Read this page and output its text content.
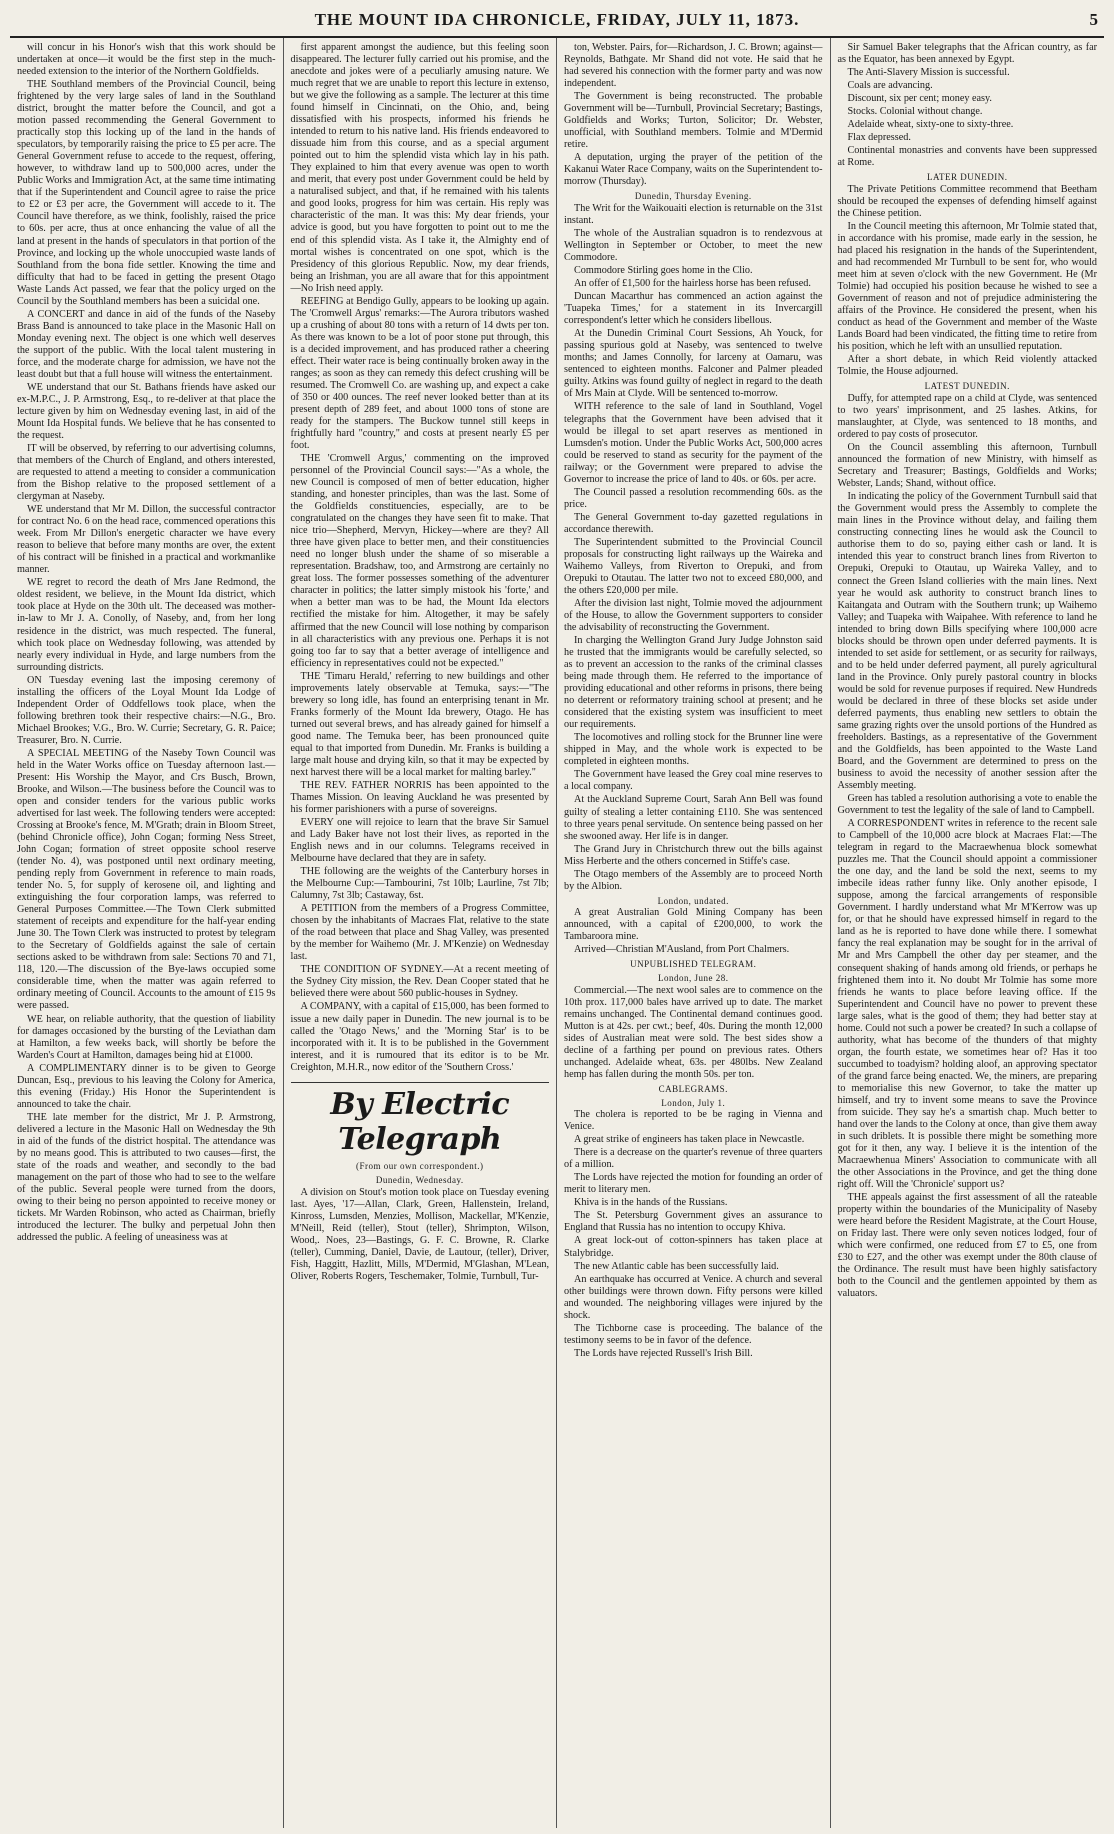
THE MOUNT IDA CHRONICLE, FRIDAY, JULY 11, 1873.	5

will concur in his Honor's wish that this work should be undertaken at once—it would be the first step in the much-needed extension to the interior of the Northern Goldfields.

THE Southland members of the Provincial Council, being frightened by the very large sales of land in the Southland district, brought the matter before the Council, and got a motion passed recommending the General Government to practically stop this locking up of the land in the hands of speculators, by temporarily raising the price to £5 per acre. The General Government refuse to accede to the request, offering, however, to withdraw land up to 500,000 acres, under the Public Works and Immigration Act, at the same time intimating that if the Superintendent and Council agree to raise the price to £2 or £3 per acre, the Government will accede to it. The Council have therefore, as we think, foolishly, raised the price to 60s. per acre, thus at once enhancing the value of all the land at present in the hands of speculators in that portion of the Province, and locking up the whole unoccupied waste lands of Southland from the bona fide settler. Knowing the time and difficulty that had to be faced in getting the present Otago Waste Lands Act passed, we fear that the policy urged on the Council by the Southland members has been a suicidal one.

A CONCERT and dance in aid of the funds of the Naseby Brass Band is announced to take place in the Masonic Hall on Monday evening next. The object is one which well deserves the support of the public. With the local talent mustering in force, and the moderate charge for admission, we have not the least doubt but that a full house will witness the entertainment.

WE understand that our St. Bathans friends have asked our ex-M.P.C., J. P. Armstrong, Esq., to re-deliver at that place the lecture given by him on Wednesday evening last, in aid of the Mount Ida Hospital funds. We believe that he has consented to the request.

IT will be observed, by referring to our advertising columns, that members of the Church of England, and others interested, are requested to attend a meeting to consider a communication from the Bishop relative to the proposed settlement of a clergyman at Naseby.

WE understand that Mr M. Dillon, the successful contractor for contract No. 6 on the head race, commenced operations this week. From Mr Dillon's energetic character we have every reason to believe that before many months are over, the extent of his contract will be finished in a practical and workmanlike manner.

WE regret to record the death of Mrs Jane Redmond, the oldest resident, we believe, in the Mount Ida district, which took place at Hyde on the 30th ult. The deceased was mother-in-law to Mr J. A. Conolly, of Naseby, and, from her long residence in the district, was much respected. The funeral, which took place on Wednesday following, was attended by nearly every individual in Hyde, and large numbers from the surrounding districts.

ON Tuesday evening last the imposing ceremony of installing the officers of the Loyal Mount Ida Lodge of Independent Order of Oddfellows took place, when the following brethren took their respective chairs:—N.G., Bro. Michael Brookes; V.G., Bro. W. Currie; Secretary, G. R. Paice; Treasurer, Bro. N. Currie.

A SPECIAL MEETING of the Naseby Town Council was held in the Water Works office on Tuesday afternoon last.—Present: His Worship the Mayor, and Crs Busch, Brown, Brooke, and Wilson.—The business before the Council was to open and consider tenders for the various public works advertised for last week. The following tenders were accepted: Crossing at Brooke's fence, M. M'Grath; drain in Bloom Street, (behind Chronicle office), John Cogan; forming Ness Street, John Cogan; formation of street opposite school reserve (tender No. 4), was postponed until next ordinary meeting, pending reply from Government in reference to main roads, tender No. 5, for supply of kerosene oil, and lighting and extinguishing the four corporation lamps, was referred to General Purposes Committee.—The Town Clerk submitted statement of receipts and expenditure for the half-year ending June 30. The Town Clerk was instructed to protest by telegram to the Secretary of Goldfields against the sale of certain sections asked to be withdrawn from sale: Sections 70 and 71, 118, 120.—The discussion of the Bye-laws occupied some considerable time, when the matter was again referred to ordinary meeting of Council. Accounts to the amount of £15 9s were passed.

WE hear, on reliable authority, that the question of liability for damages occasioned by the bursting of the Leviathan dam at Hamilton, a few weeks back, will shortly be before the Warden's Court at Hamilton, damages being hid at £1000.

A COMPLIMENTARY dinner is to be given to George Duncan, Esq., previous to his leaving the Colony for America, this evening (Friday.) His Honor the Superintendent is announced to take the chair.

THE late member for the district, Mr J. P. Armstrong, delivered a lecture in the Masonic Hall on Wednesday the 9th in aid of the funds of the district hospital. The attendance was by no means good. This is attributed to two causes—first, the state of the roads and weather, and secondly to the bad management on the part of those who had to see to the welfare of the public. Several people were turned from the doors, owing to their being no person appointed to receive money or tickets. Mr Warden Robinson, who acted as Chairman, briefly introduced the lecturer. The bulky and perpetual John then addressed the public. A feeling of uneasiness was at

first apparent amongst the audience, but this feeling soon disappeared. The lecturer fully carried out his promise, and the anecdote and jokes were of a peculiarly amusing nature. We much regret that we are unable to report this lecture in extenso, but we give the following as a sample. The lecturer at this time found himself in Cincinnati, on the Ohio, and, being dissatisfied with his prospects, informed his friends he intended to return to his native land. His friends endeavored to dissuade him from this course, and as a special argument pointed out to him the splendid vista which lay in his path. They explained to him that every avenue was open to worth and merit, that every post under Government could be held by a naturalised subject, and that, if he remained with his talents and good looks, progress for him was certain. His reply was characteristic of the man. It was this: My dear friends, your advice is good, but you have forgotten to point out to me the end of this splendid vista. As I take it, the Almighty end of mortal wishes is concentrated on one spot, which is the Presidency of this glorious Republic. Now, my dear friends, being an Irishman, you are all aware that for this appointment—No Irish need apply.

REEFING at Bendigo Gully, appears to be looking up again. The 'Cromwell Argus' remarks:—The Aurora tributors washed up a crushing of about 80 tons with a return of 14 dwts per ton. As there was known to be a lot of poor stone put through, this is a decided improvement, and has produced rather a cheering effect. Their water race is being continually broken away in the ranges; as soon as they can remedy this defect crushing will be resumed. The Cromwell Co. are washing up, and expect a cake of 350 or 400 ounces. The reef never looked better than at its present depth of 289 feet, and about 1000 tons of stone are ready for the stampers. The Buckow tunnel still keeps in frightfully hard "country," and costs at present nearly £5 per foot.

THE 'Cromwell Argus,' commenting on the improved personnel of the Provincial Council says:—"As a whole, the new Council is composed of men of better education, higher standing, and honester principles, than was the last. Some of the Goldfields constituencies, especially, are to be congratulated on the changes they have seen fit to make. That nice trio—Shepherd, Mervyn, Hickey—where are they? All three have given place to better men, and their constituencies need no longer blush under the shame of so miserable a representation. Bradshaw, too, and Armstrong are certainly no great loss. The former possesses something of the adventurer character in politics; the latter simply mistook his 'forte,' and when a better man was to be had, the Mount Ida electors rectified the mistake for him. Altogether, it may be safely affirmed that the new Council will lose nothing by comparison in all characteristics with any previous one. Perhaps it is not going too far to say that a better average of intelligence and efficiency in representatives could not be expected."

THE 'Timaru Herald,' referring to new buildings and other improvements lately observable at Temuka, says:—"The brewery so long idle, has found an enterprising tenant in Mr. Franks formerly of the Mount Ida brewery, Otago. He has turned out several brews, and has already gained for himself a good name. The Temuka beer, has been pronounced quite equal to that imported from Dunedin. Mr. Franks is building a large malt house and drying kiln, so that it may be expected by next harvest there will be a local market for malting barley."

THE REV. FATHER NORRIS has been appointed to the Thames Mission. On leaving Auckland he was presented by his former parishioners with a purse of sovereigns.

EVERY one will rejoice to learn that the brave Sir Samuel and Lady Baker have not lost their lives, as reported in the English news and in our columns. Telegrams received in Melbourne have declared that they are in safety.

THE following are the weights of the Canterbury horses in the Melbourne Cup:—Tambourini, 7st 10lb; Laurline, 7st 7lb; Calumny, 7st 3lb; Castaway, 6st.

A PETITION from the members of a Progress Committee, chosen by the inhabitants of Macraes Flat, relative to the state of the road between that place and Shag Valley, was presented by the member for Waihemo (Mr. J. M'Kenzie) on Wednesday last.

THE CONDITION OF SYDNEY.—At a recent meeting of the Sydney City mission, the Rev. Dean Cooper stated that he believed there were about 560 public-houses in Sydney.

A COMPANY, with a capital of £15,000, has been formed to issue a new daily paper in Dunedin. The new journal is to be called the 'Otago News,' and the 'Morning Star' is to be incorporated with it. It is to be published in the Government interest, and it is rumoured that its editor is to be Mr. Creighton, M.H.R., now editor of the 'Southern Cross.'

By Electric Telegraph
(From our own correspondent.)
Dunedin, Wednesday.

A division on Stout's motion took place on Tuesday evening last. Ayes, '17—Allan, Clark, Green, Hallenstein, Ireland, Kinross, Lumsden, Menzies, Mollison, Mackellar, M'Kenzie, M'Neill, Reid (teller), Stout (teller), Shrimpton, Wilson, Wood,. Noes, 23—Bastings, G. F. C. Browne, R. Clarke (teller), Cumming, Daniel, Davie, de Lautour, (teller), Driver, Fish, Haggitt, Hazlitt, Mills, M'Dermid, M'Glashan, M'Lean, Oliver, Roberts Rogers, Teschemaker, Tolmie, Turnbull, Tur-

ton, Webster. Pairs, for—Richardson, J. C. Brown; against—Reynolds, Bathgate. Mr Shand did not vote. He said that he had severed his connection with the former party and was now independent.

The Government is being reconstructed. The probable Government will be—Turnbull, Provincial Secretary; Bastings, Goldfields and Works; Turton, Solicitor; Dr. Webster, unofficial, with Southland members. Tolmie and M'Dermid retire.

A deputation, urging the prayer of the petition of the Kakanui Water Race Company, waits on the Superintendent to-morrow (Thursday).

Dunedin, Thursday Evening.

The Writ for the Waikouaiti election is returnable on the 31st instant.

The whole of the Australian squadron is to rendezvous at Wellington in September or October, to meet the new Commodore.

Commodore Stirling goes home in the Clio.

An offer of £1,500 for the hairless horse has been refused.

Duncan Macarthur has commenced an action against the 'Tuapeka Times,' for a statement in its Invercargill correspondent's letter which he considers libellous.

At the Dunedin Criminal Court Sessions, Ah Youck, for passing spurious gold at Naseby, was sentenced to twelve months; and James Connolly, for larceny at Oamaru, was sentenced to eighteen months. Falconer and Palmer pleaded guilty. Atkins was found guilty of neglect in regard to the death of Mrs Main at Clyde. Will be sentenced to-morrow.

WITH reference to the sale of land in Southland, Vogel telegraphs that the Government have been advised that it would be illegal to set apart reserves as mentioned in Lumsden's motion. Under the Public Works Act, 500,000 acres could be reserved to stand as security for the payment of the railway; or the Government were prepared to advise the Governor to increase the price of land to 40s. or 60s. per acre.

The Council passed a resolution recommending 60s. as the price.

The General Government to-day gazetted regulations in accordance therewith.

The Superintendent submitted to the Provincial Council proposals for constructing light railways up the Waireka and Waihemo Valleys, from Riverton to Orepuki, and from Orepuki to Otautau. The latter two not to exceed £80,000, and the others £20,000 per mile.

After the division last night, Tolmie moved the adjournment of the House, to allow the Government supporters to consider the advisability of reconstructing the Government.

In charging the Wellington Grand Jury Judge Johnston said he trusted that the immigrants would be carefully selected, so as to prevent an accession to the ranks of the criminal classes being made through them. He referred to the importance of providing educational and other reforms in prisons, there being no deterrent or reformatory training school at present; and he considered that the existing system was insufficient to meet our requirements.

The locomotives and rolling stock for the Brunner line were shipped in May, and the whole work is expected to be completed in eighteen months.

The Government have leased the Grey coal mine reserves to a local company.

At the Auckland Supreme Court, Sarah Ann Bell was found guilty of stealing a letter containing £110. She was sentenced to three years penal servitude. On sentence being passed on her she swooned away. Her life is in danger.

The Grand Jury in Christchurch threw out the bills against Miss Herberte and the others concerned in Stiffe's case.

The Otago members of the Assembly are to proceed North by the Albion.

London, undated.

A great Australian Gold Mining Company has been announced, with a capital of £200,000, to work the Tambaroora mine.

Arrived—Christian M'Ausland, from Port Chalmers.

UNPUBLISHED TELEGRAM.
London, June 28.

Commercial.—The next wool sales are to commence on the 10th prox. 117,000 bales have arrived up to date. The market remains unchanged. The Continental demand continues good. Mutton is at 42s. per cwt.; beef, 40s. During the month 12,000 sides of Australian meat were sold. The best sides show a decline of a farthing per pound on previous rates. Others unchanged. Adelaide wheat, 63s. per 480lbs. New Zealand hemp has fallen during the month 50s. per ton.

CABLEGRAMS.
London, July 1.

The cholera is reported to be be raging in Vienna and Venice.

A great strike of engineers has taken place in Newcastle.

There is a decrease on the quarter's revenue of three quarters of a million.

The Lords have rejected the motion for founding an order of merit to literary men.

Khiva is in the hands of the Russians.

The St. Petersburg Government gives an assurance to England that Russia has no intention to occupy Khiva.

A great lock-out of cotton-spinners has taken place at Stalybridge.

The new Atlantic cable has been successfully laid.

An earthquake has occurred at Venice. A church and several other buildings were thrown down. Fifty persons were killed and wounded. The neighboring villages were injured by the shock.

The Tichborne case is proceeding. The balance of the testimony seems to be in favor of the defence.

The Lords have rejected Russell's Irish Bill.

Sir Samuel Baker telegraphs that the African country, as far as the Equator, has been annexed by Egypt.

The Anti-Slavery Mission is successful.

Coals are advancing.

Discount, six per cent; money easy.

Stocks. Colonial without change.

Adelaide wheat, sixty-one to sixty-three.

Flax depressed.

Continental monastries and convents have been suppressed at Rome.

LATER DUNEDIN.

The Private Petitions Committee recommend that Beetham should be recouped the expenses of defending himself against the Chinese petition.

In the Council meeting this afternoon, Mr Tolmie stated that, in accordance with his promise, made early in the session, he had placed his resignation in the hands of the Superintendent, and had recommended Mr Turnbull to be sent for, who would meet him at seven o'clock with the new Government. He (Mr Tolmie) had occupied his position because he wished to see a Government of reason and not of prejudice administering the affairs of the Province. He considered the present, when his conduct as head of the Government and member of the Waste Lands Board had been vindicated, the fitting time to retire from his position, which he left with an unsullied reputation.

After a short debate, in which Reid violently attacked Tolmie, the House adjourned.

LATEST DUNEDIN.

Duffy, for attempted rape on a child at Clyde, was sentenced to two years' imprisonment, and 25 lashes. Atkins, for manslaughter, at Clyde, was sentenced to 18 months, and ordered to pay costs of prosecutor.

On the Council assembling this afternoon, Turnbull announced the formation of new Ministry, with himself as Secretary and Treasurer; Bastings, Goldfields and Works; Webster, Lands; Shand, without office.

In indicating the policy of the Government Turnbull said that the Government would press the Assembly to complete the main lines in the Province without delay, and failing them constructing connecting lines he would ask the Council to authorise them to do so, paying either cash or land. It is intended this year to construct branch lines from Riverton to Orepuki, Orepuki to Otautau, up Waireka Valley, and to connect the Green Island collieries with the main lines. Next year he would ask authority to construct branch lines to Kaitangata and Outram with the Southern trunk; up Waihemo Valley; and Tuapeka with Waipahee. With reference to land he intended to bring down Bills specifying where 100,000 acre blocks should be thrown open under deferred payments. It is intended to set aside for settlement, or as security for railways, and to be held under deferred payment, all purely agricultural land in the Province. Only purely pastoral country in blocks would be sold for revenue purposes if required. New Hundreds would be declared in three of these blocks set aside under deferred payments, thus enabling new settlers to obtain the same grazing rights over the unsold portions of the Hundred as freeholders. Bastings, as a representative of the Government and the Goldfields, has been appointed to the Waste Land Board, and the Government are determined to press on the business to avoid the necessity of another session after the Assembly meeting.

Green has tabled a resolution authorising a vote to enable the Government to test the legality of the sale of land to Campbell.

A CORRESPONDENT writes in reference to the recent sale to Campbell of the 10,000 acre block at Macraes Flat:—The telegram in regard to the Macraewhenua block somewhat puzzles me. That the Council should appoint a commissioner the one day, and the land be sold the next, seems to my imbecile ideas rather funny like. Only another episode, I suppose, among the farcical arrangements of responsible Government. I hardly understand what Mr M'Kerrow was up for, or that he should have expressed himself in regard to the land as he is reported to have done while there. I somewhat fancy the real explanation may be sought for in the arrival of Mr and Mrs Campbell the other day per steamer, and the consequent shaking of hands among old friends, or perhaps he frightened them into it. No doubt Mr Tolmie has some more friends he wants to place before leaving office. If the Superintendent and Council have no power to prevent these large sales, what is the good of them; they had better stay at home. Could not such a power be created? In such a collapse of authority, what has become of the thunders of that mighty organ, the fourth estate, we sometimes hear of? Has it too succumbed to toadyism? holding aloof, an approving spectator of the grand farce being enacted. We, the miners, are preparing to memorialise this new Governor, to take the matter up himself, and try to invent some means to save the Province from suicide. They say he's a smartish chap. Much better to hand over the lands to the Colony at once, than give them away in such driblets. It is possible there might be something more got for it then, any way. I believe it is the intention of the Macraewhenua Miners' Association to communicate with all the other Associations in the Province, and get the thing done right off. Will the 'Chronicle' support us?

THE appeals against the first assessment of all the rateable property within the boundaries of the Municipality of Naseby were heard before the Resident Magistrate, at the Court House, on Friday last. There were only seven notices lodged, four of which were confirmed, one reduced from £7 to £5, one from £30 to £27, and the other was exempt under the 80th clause of the Ordinance. The result must have been highly satisfactory both to the Council and the gentlemen appointed by them as valuators.
